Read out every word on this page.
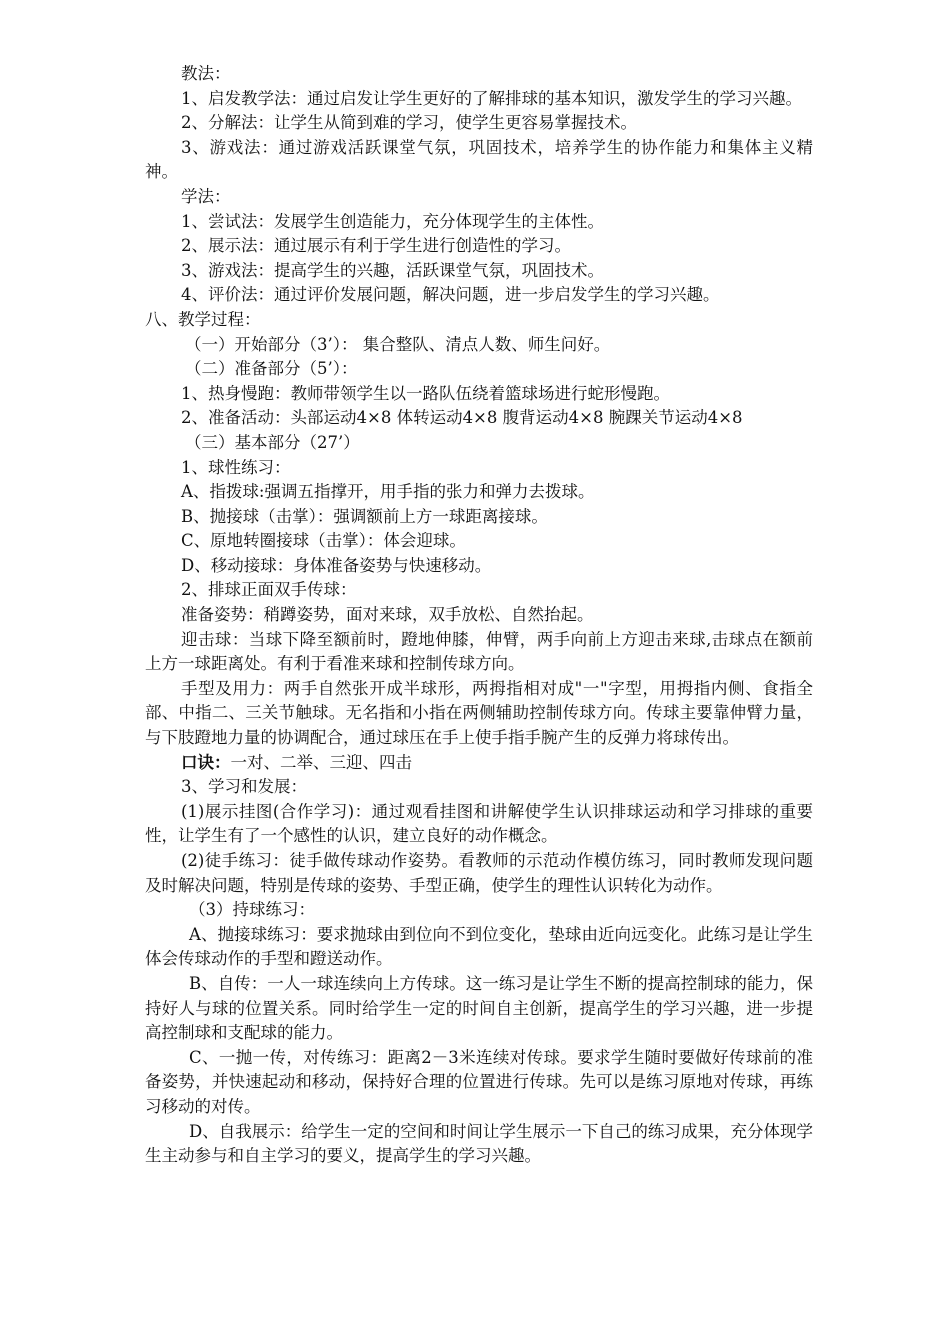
教法：

1、启发教学法：通过启发让学生更好的了解排球的基本知识，激发学生的学习兴趣。

2、分解法：让学生从简到难的学习，使学生更容易掌握技术。

3、游戏法：通过游戏活跃课堂气氛，巩固技术，培养学生的协作能力和集体主义精神。

学法：

1、尝试法：发展学生创造能力，充分体现学生的主体性。

2、展示法：通过展示有利于学生进行创造性的学习。

3、游戏法：提高学生的兴趣，活跃课堂气氛，巩固技术。

4、评价法：通过评价发展问题，解决问题，进一步启发学生的学习兴趣。

八、教学过程：

（一）开始部分（3’）： 集合整队、清点人数、师生问好。

（二）准备部分（5’）：

1、热身慢跑：教师带领学生以一路队伍绕着篮球场进行蛇形慢跑。

2、准备活动：头部运动4×8 体转运动4×8 腹背运动4×8 腕踝关节运动4×8

（三）基本部分（27’）

1、球性练习：

A、指拨球:强调五指撑开，用手指的张力和弹力去拨球。

B、抛接球（击掌）：强调额前上方一球距离接球。

C、原地转圈接球（击掌）：体会迎球。

D、移动接球：身体准备姿势与快速移动。

2、排球正面双手传球：

准备姿势：稍蹲姿势，面对来球，双手放松、自然抬起。

迎击球：当球下降至额前时，蹬地伸膝，伸臂，两手向前上方迎击来球,击球点在额前上方一球距离处。有利于看准来球和控制传球方向。

手型及用力：两手自然张开成半球形，两拇指相对成"一"字型，用拇指内侧、食指全部、中指二、三关节触球。无名指和小指在两侧辅助控制传球方向。传球主要靠伸臂力量，与下肢蹬地力量的协调配合，通过球压在手上使手指手腕产生的反弹力将球传出。

口诀：一对、二举、三迎、四击

3、学习和发展：

(1)展示挂图(合作学习)：通过观看挂图和讲解使学生认识排球运动和学习排球的重要性，让学生有了一个感性的认识，建立良好的动作概念。

(2)徒手练习：徒手做传球动作姿势。看教师的示范动作模仿练习，同时教师发现问题及时解决问题，特别是传球的姿势、手型正确，使学生的理性认识转化为动作。

（3）持球练习：

A、抛接球练习：要求抛球由到位向不到位变化，垫球由近向远变化。此练习是让学生体会传球动作的手型和蹬送动作。

B、自传：一人一球连续向上方传球。这一练习是让学生不断的提高控制球的能力，保持好人与球的位置关系。同时给学生一定的时间自主创新，提高学生的学习兴趣，进一步提高控制球和支配球的能力。

C、一抛一传，对传练习：距离2－3米连续对传球。要求学生随时要做好传球前的准备姿势，并快速起动和移动，保持好合理的位置进行传球。先可以是练习原地对传球，再练习移动的对传。

D、自我展示：给学生一定的空间和时间让学生展示一下自己的练习成果，充分体现学生主动参与和自主学习的要义，提高学生的学习兴趣。
